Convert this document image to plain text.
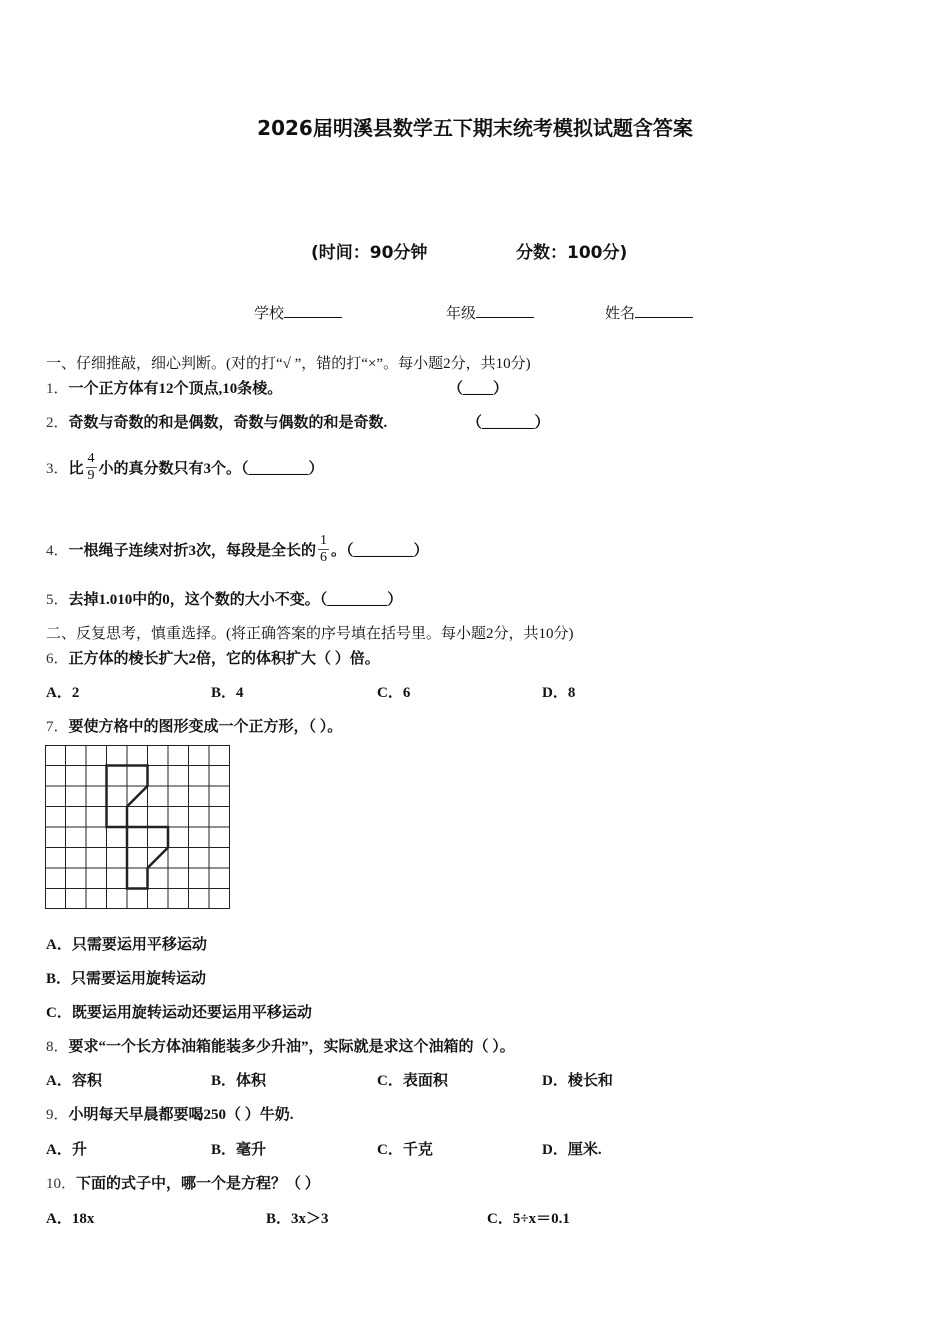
2026届明溪县数学五下期末统考模拟试题含答案
(时间：90分钟	分数：100分)
学校	年级	姓名
一、仔细推敲，细心判断。(对的打“√ ”，错的打“×”。每小题2分，共10分)
1．一个正方体有12个顶点,10条棱。	（____）
2．奇数与奇数的和是偶数，奇数与偶数的和是奇数.	（_______）
3． 比 $\frac{4}{9}$ 小的真分数只有3个。（________）
4． 一根绳子连续对折3次，每段是全长的 $\frac{1}{6}$ 。（________）
5．去掉1.010中的0，这个数的大小不变。（________）
二、反复思考，慎重选择。(将正确答案的序号填在括号里。每小题2分，共10分)
6．正方体的棱长扩大2倍，它的体积扩大（ ）倍。
A．2	B．4	C．6	D．8
7．要使方格中的图形变成一个正方形，（ ）。
A．只需要运用平移运动
B．只需要运用旋转运动
C．既要运用旋转运动还要运用平移运动
8．要求“一个长方体油箱能装多少升油”，实际就是求这个油箱的（ ）。
A．容积	B．体积	C．表面积	D．棱长和
9．小明每天早晨都要喝250（ ）牛奶.
A．升	B．毫升	C．千克	D．厘米.
10．下面的式子中，哪一个是方程？（ ）
A．18x	B．3x＞3	C．5÷x＝0.1
